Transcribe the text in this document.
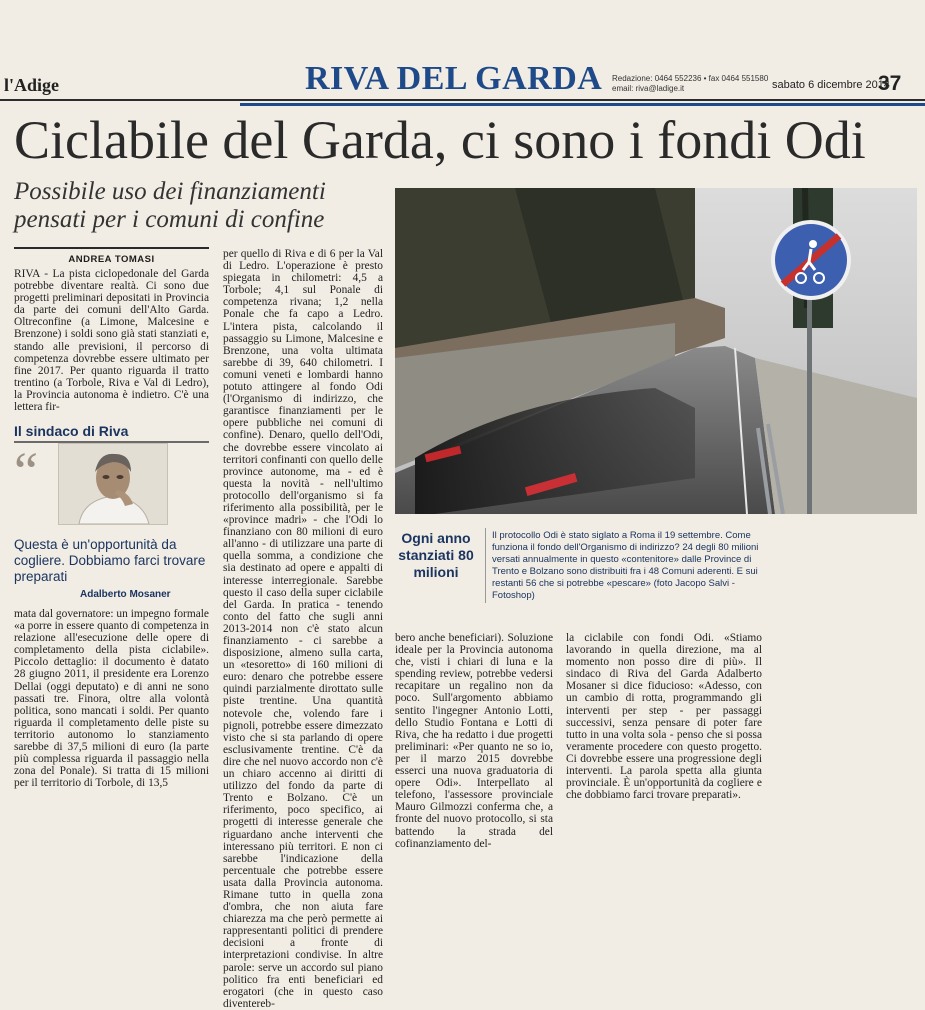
l'Adige	RIVA DEL GARDA Redazione: 0464 552236 • fax 0464 551580
email: riva@ladige.it	sabato 6 dicembre 2014
37
Ciclabile del Garda, ci sono i fondi Odi
Possibile uso dei finanziamenti pensati per i comuni di confine
ANDREA TOMASI

RIVA - La pista ciclopedonale del Garda potrebbe diventare realtà. Ci sono due progetti preliminari depositati in Provincia da parte dei comuni dell'Alto Garda. Oltreconfine (a Limone, Malcesine e Brenzone) i soldi sono già stati stanziati e, stando alle previsioni, il percorso di competenza dovrebbe essere ultimato per fine 2017. Per quanto riguarda il tratto trentino (a Torbole, Riva e Val di Ledro), la Provincia autonoma è indietro. C'è una lettera fir-

Il sindaco di Riva
“
Questa è un'opportunità da cogliere. Dobbiamo farci trovare preparati
Adalberto Mosaner

mata dal governatore: un impegno formale «a porre in essere quanto di competenza in relazione all'esecuzione delle opere di completamento della pista ciclabile». Piccolo dettaglio: il documento è datato 28 giugno 2011, il presidente era Lorenzo Dellai (oggi deputato) e di anni ne sono passati tre. Finora, oltre alla volontà politica, sono mancati i soldi. Per quanto riguarda il completamento delle piste su territorio autonomo lo stanziamento sarebbe di 37,5 milioni di euro (la parte più complessa riguarda il passaggio nella zona del Ponale). Si tratta di 15 milioni per il territorio di Torbole, di 13,5

per quello di Riva e di 6 per la Val di Ledro. L'operazione è presto spiegata in chilometri: 4,5 a Torbole; 4,1 sul Ponale di competenza rivana; 1,2 nella Ponale che fa capo a Ledro. L'intera pista, calcolando il passaggio su Limone, Malcesine e Brenzone, una volta ultimata sarebbe di 39, 640 chilometri. I comuni veneti e lombardi hanno potuto attingere al fondo Odi (l'Organismo di indirizzo, che garantisce finanziamenti per le opere pubbliche nei comuni di confine). Denaro, quello dell'Odi, che dovrebbe essere vincolato ai territori confinanti con quello delle province autonome, ma - ed è questa la novità - nell'ultimo protocollo dell'organismo si fa riferimento alla possibilità, per le «province madri» - che l'Odi lo finanziano con 80 milioni di euro all'anno - di utilizzare una parte di quella somma, a condizione che sia destinato ad opere e appalti di interesse interregionale. Sarebbe questo il caso della super ciclabile del Garda. In pratica - tenendo conto del fatto che sugli anni 2013-2014 non c'è stato alcun finanziamento - ci sarebbe a disposizione, almeno sulla carta, un «tesoretto» di 160 milioni di euro: denaro che potrebbe essere quindi parzialmente dirottato sulle piste trentine. Una quantità notevole che, volendo fare i pignoli, potrebbe essere dimezzato visto che si sta parlando di opere esclusivamente trentine. C'è da dire che nel nuovo accordo non c'è un chiaro accenno ai diritti di utilizzo del fondo da parte di Trento e Bolzano. C'è un riferimento, poco specifico, ai progetti di interesse generale che riguardano anche interventi che interessano più territori. E non ci sarebbe l'indicazione della percentuale che potrebbe essere usata dalla Provincia autonoma. Rimane tutto in quella zona d'ombra, che non aiuta fare chiarezza ma che però permette ai rappresentanti politici di prendere decisioni a fronte di interpretazioni condivise. In altre parole: serve un accordo sul piano politico fra enti beneficiari ed erogatori (che in questo caso diventereb-

Ogni anno stanziati 80 milioni
Il protocollo Odi è stato siglato a Roma il 19 settembre. Come funziona il fondo dell'Organismo di indirizzo? 24 degli 80 milioni versati annualmente in questo «contenitore» dalle Province di Trento e Bolzano sono distribuiti fra i 48 Comuni aderenti. E sui restanti 56 che si potrebbe «pescare» (foto Jacopo Salvi - Fotoshop)

bero anche beneficiari). Soluzione ideale per la Provincia autonoma che, visti i chiari di luna e la spending review, potrebbe vedersi recapitare un regalino non da poco. Sull'argomento abbiamo sentito l'ingegner Antonio Lotti, dello Studio Fontana e Lotti di Riva, che ha redatto i due progetti preliminari: «Per quanto ne so io, per il marzo 2015 dovrebbe esserci una nuova graduatoria di opere Odi». Interpellato al telefono, l'assessore provinciale Mauro Gilmozzi conferma che, a fronte del nuovo protocollo, si sta battendo la strada del cofinanziamento del-

la ciclabile con fondi Odi. «Stiamo lavorando in quella direzione, ma al momento non posso dire di più». Il sindaco di Riva del Garda Adalberto Mosaner si dice fiducioso: «Adesso, con un cambio di rotta, programmando gli interventi per step - per passaggi successivi, senza pensare di poter fare tutto in una volta sola - penso che si possa veramente procedere con questo progetto. Ci dovrebbe essere una progressione degli interventi. La parola spetta alla giunta provinciale. È un'opportunità da cogliere e che dobbiamo farci trovare preparati».
